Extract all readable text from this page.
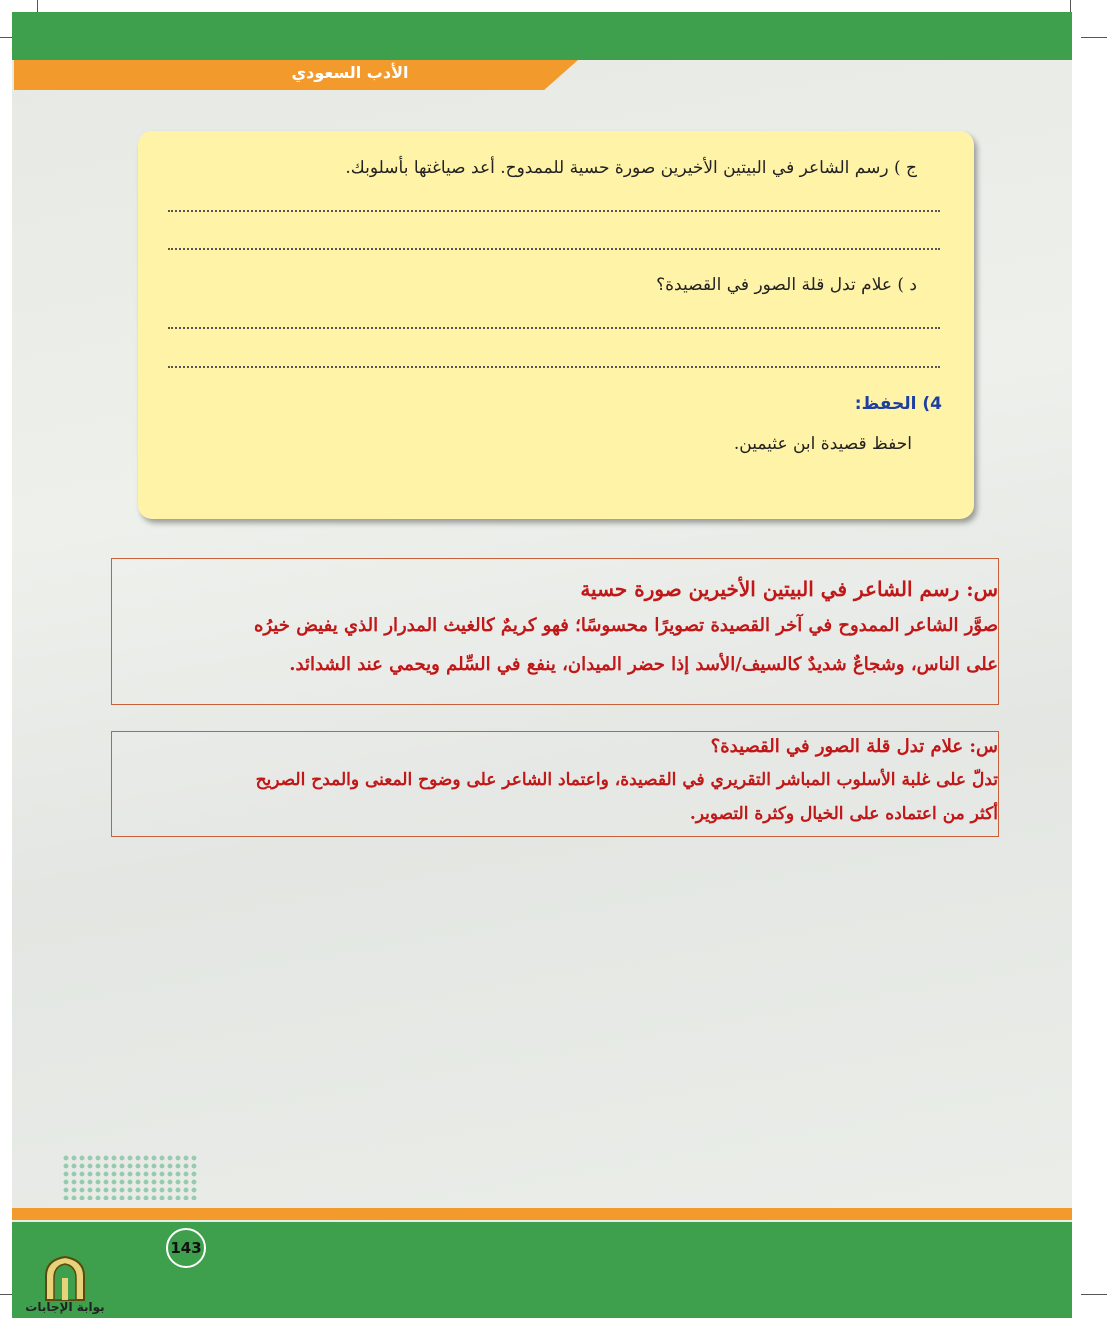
الأدب السعودي
ج ) رسم الشاعر في البيتين الأخيرين صورة حسية للممدوح. أعد صياغتها بأسلوبك.
د ) علام تدل قلة الصور في القصيدة؟
4) الحفظ:
احفظ قصيدة ابن عثيمين.
س: رسم الشاعر في البيتين الأخيرين صورة حسية
صوَّر الشاعر الممدوح في آخر القصيدة تصويرًا محسوسًا؛ فهو كريمٌ كالغيث المدرار الذي يفيض خيرُه
على الناس، وشجاعٌ شديدٌ كالسيف/الأسد إذا حضر الميدان، ينفع في السِّلم ويحمي عند الشدائد.
س: علام تدل قلة الصور في القصيدة؟
تدلّ على غلبة الأسلوب المباشر التقريري في القصيدة، واعتماد الشاعر على وضوح المعنى والمدح الصريح
أكثر من اعتماده على الخيال وكثرة التصوير.
143
بوابة الإجابات
